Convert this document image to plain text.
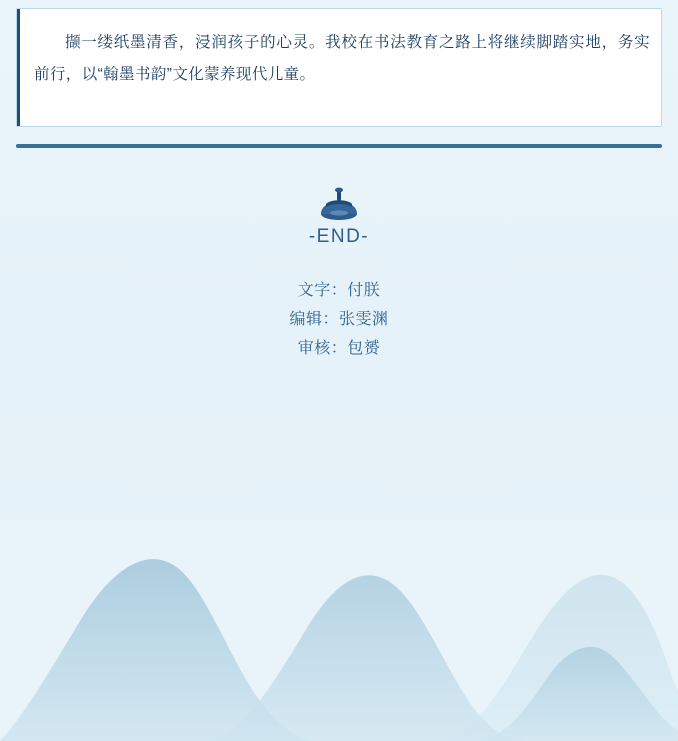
撷一缕纸墨清香，浸润孩子的心灵。我校在书法教育之路上将继续脚踏实地，务实前行，以“翰墨书韵”文化蒙养现代儿童。

-END-
文字：付朕
编辑：张雯渊
审核：包赟
